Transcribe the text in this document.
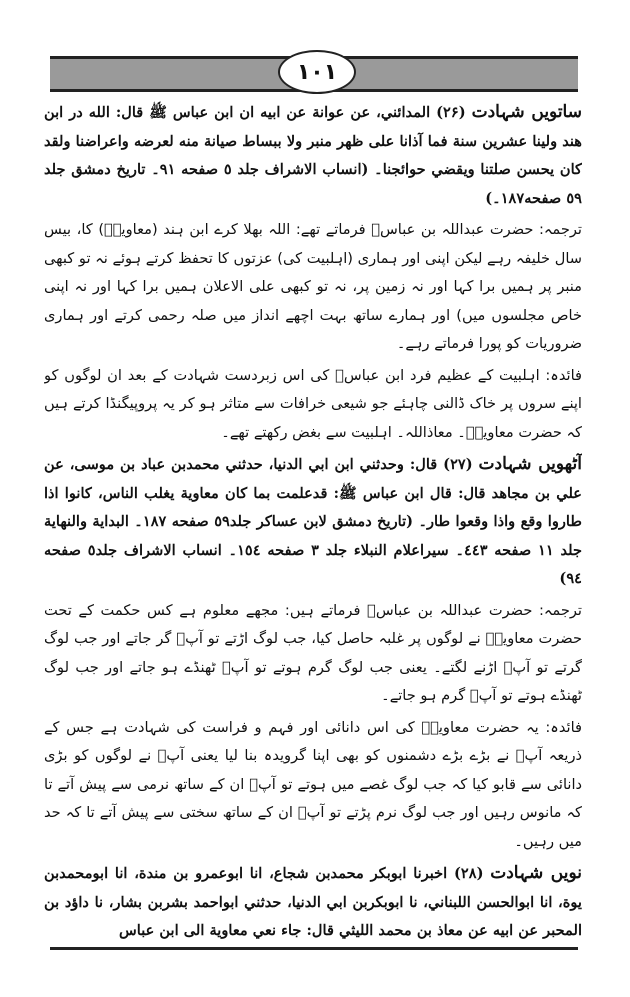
۱۰۱

ساتویں شہادت (۲۶) المدائني، عن عوانة عن ابيه ان ابن عباس ﷺ قال: الله در ابن هند ولينا عشرين سنة فما آذانا على ظهر منبر ولا ببساط صيانة منه لعرضه واعراضنا ولقد كان يحسن صلتنا ويقضي حوائجنا۔ (انساب الاشراف جلد ٥ صفحه ٩١۔ تاريخ دمشق جلد ٥٩ صفحه١٨٧۔)

ترجمہ: حضرت عبداللہ بن عباسؓ فرماتے تھے: اللہ بھلا کرے ابن ہند (معاویہؓ) کا، بیس سال خلیفہ رہے لیکن اپنی اور ہماری (اہلبیت کی) عزتوں کا تحفظ کرتے ہوئے نہ تو کبھی منبر پر ہمیں برا کہا اور نہ زمین پر، نہ تو کبھی علی الاعلان ہمیں برا کہا اور نہ اپنی خاص مجلسوں میں) اور ہمارے ساتھ بہت اچھے انداز میں صلہ رحمی کرتے اور ہماری ضروریات کو پورا فرماتے رہے۔

فائدہ: اہلبیت کے عظیم فرد ابن عباسؓ کی اس زبردست شہادت کے بعد ان لوگوں کو اپنے سروں پر خاک ڈالنی چاہئے جو شیعی خرافات سے متاثر ہو کر یہ پروپیگنڈا کرتے ہیں کہ حضرت معاویہؓ۔ معاذاللہ۔ اہلبیت سے بغض رکھتے تھے۔

آٹھویں شہادت (۲۷) قال: وحدثني ابن ابي الدنيا، حدثني محمدبن عباد بن موسى، عن علي بن مجاهد قال: قال ابن عباس ﷺ: قدعلمت بما كان معاوية يغلب الناس، كانوا اذا طاروا وقع واذا وقعوا طار۔ (تاريخ دمشق لابن عساكر جلد٥٩ صفحه ١٨٧۔ البداية والنهاية جلد ١١ صفحه ٤٤٣۔ سيراعلام النبلاء جلد ٣ صفحه ١٥٤۔ انساب الاشراف جلد٥ صفحه ٩٤)

ترجمہ: حضرت عبداللہ بن عباسؓ فرماتے ہیں: مجھے معلوم ہے کس حکمت کے تحت حضرت معاویہؓ نے لوگوں پر غلبہ حاصل کیا، جب لوگ اڑتے تو آپؓ گر جاتے اور جب لوگ گرتے تو آپؓ اڑنے لگتے۔ یعنی جب لوگ گرم ہوتے تو آپؓ ٹھنڈے ہو جاتے اور جب لوگ ٹھنڈے ہوتے تو آپؓ گرم ہو جاتے۔

فائدہ: یہ حضرت معاویہؓ کی اس دانائی اور فہم و فراست کی شہادت ہے جس کے ذریعہ آپؓ نے بڑے بڑے دشمنوں کو بھی اپنا گرویدہ بنا لیا یعنی آپؓ نے لوگوں کو بڑی دانائی سے قابو کیا کہ جب لوگ غصے میں ہوتے تو آپؓ ان کے ساتھ نرمی سے پیش آتے تا کہ مانوس رہیں اور جب لوگ نرم پڑتے تو آپؓ ان کے ساتھ سختی سے پیش آتے تا کہ حد میں رہیں۔

نویں شہادت (۲۸) اخبرنا ابوبكر محمدبن شجاع، انا ابوعمرو بن مندة، انا ابومحمدبن يوة، انا ابوالحسن اللبناني، نا ابوبكربن ابي الدنيا، حدثني ابواحمد بشربن بشار، نا داؤد بن المحبر عن ابيه عن معاذ بن محمد الليثي قال: جاء نعي معاوية الى ابن عباس
